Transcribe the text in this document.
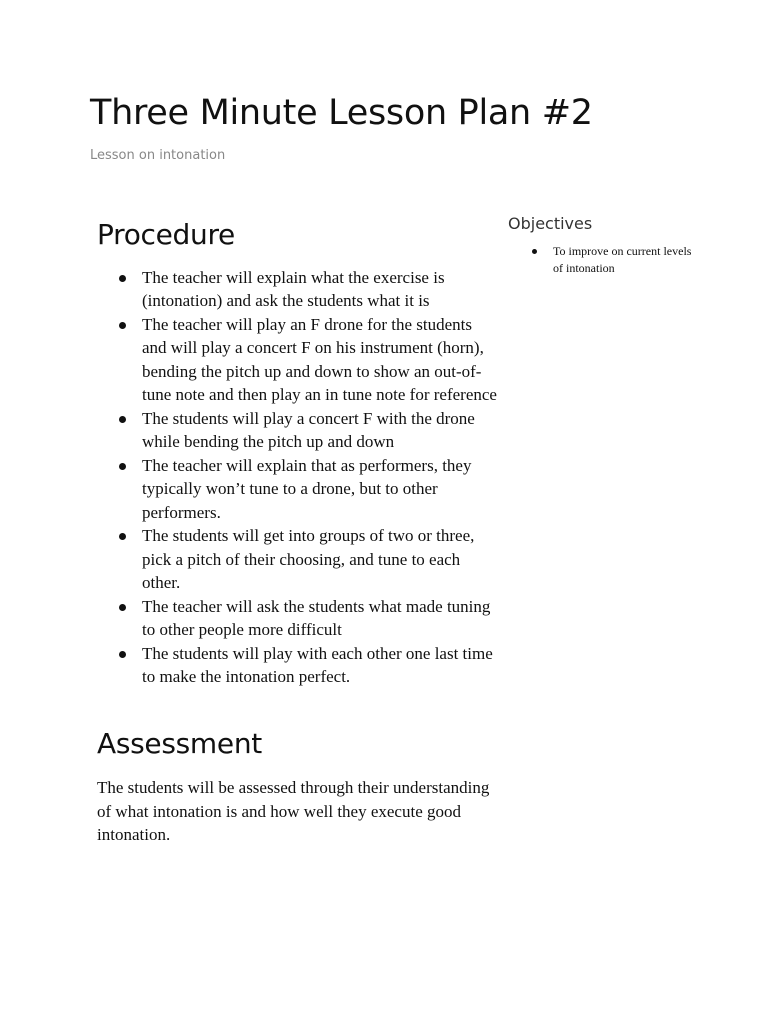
Three Minute Lesson Plan #2
Lesson on intonation
Procedure
The teacher will explain what the exercise is (intonation) and ask the students what it is
The teacher will play an F drone for the students and will play a concert F on his instrument (horn), bending the pitch up and down to show an out-of-tune note and then play an in tune note for reference
The students will play a concert F with the drone while bending the pitch up and down
The teacher will explain that as performers, they typically won’t tune to a drone, but to other performers.
The students will get into groups of two or three, pick a pitch of their choosing, and tune to each other.
The teacher will ask the students what made tuning to other people more difficult
The students will play with each other one last time to make the intonation perfect.
Assessment

The students will be assessed through their understanding of what intonation is and how well they execute good intonation.

Objectives
To improve on current levels of intonation
